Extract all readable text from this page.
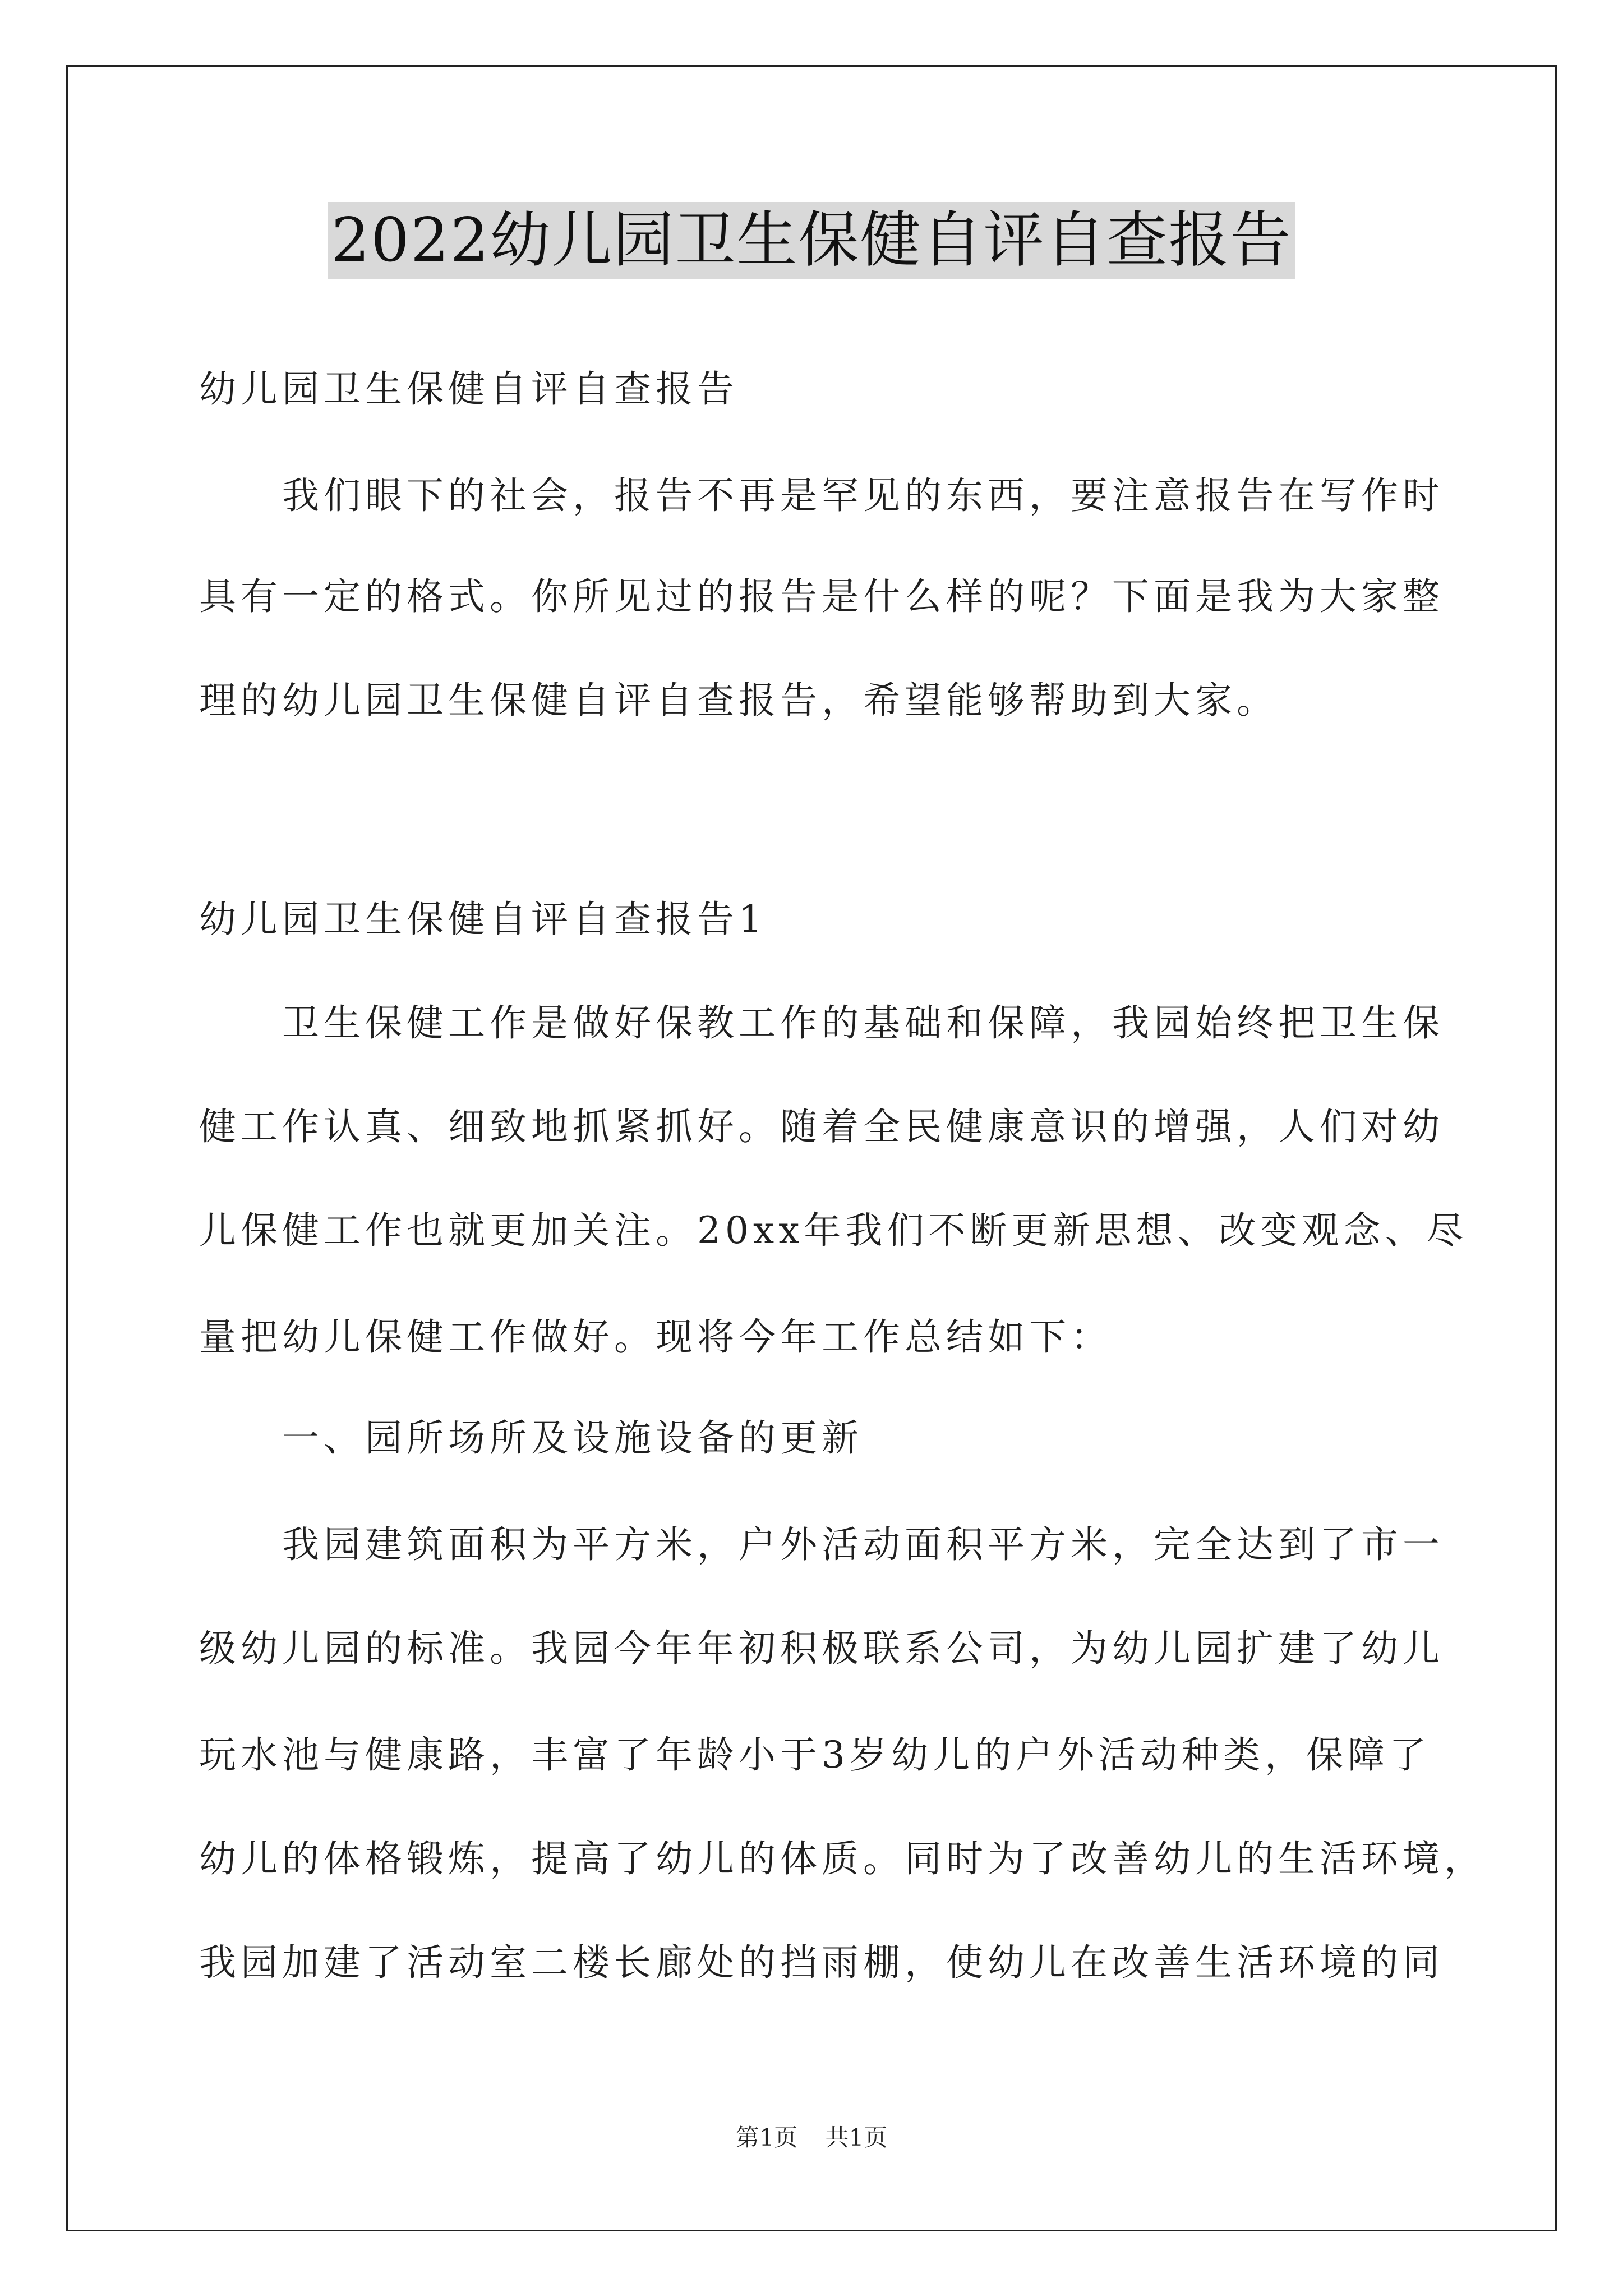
2022幼儿园卫生保健自评自查报告
幼儿园卫生保健自评自查报告
　　我们眼下的社会，报告不再是罕见的东西，要注意报告在写作时
具有一定的格式。你所见过的报告是什么样的呢？下面是我为大家整
理的幼儿园卫生保健自评自查报告，希望能够帮助到大家。
幼儿园卫生保健自评自查报告1
　　卫生保健工作是做好保教工作的基础和保障，我园始终把卫生保
健工作认真、细致地抓紧抓好。随着全民健康意识的增强，人们对幼
儿保健工作也就更加关注。20xx年我们不断更新思想、改变观念、尽
量把幼儿保健工作做好。现将今年工作总结如下：
　　一、园所场所及设施设备的更新
　　我园建筑面积为平方米，户外活动面积平方米，完全达到了市一
级幼儿园的标准。我园今年年初积极联系公司，为幼儿园扩建了幼儿
玩水池与健康路，丰富了年龄小于3岁幼儿的户外活动种类，保障了
幼儿的体格锻炼，提高了幼儿的体质。同时为了改善幼儿的生活环境，
我园加建了活动室二楼长廊处的挡雨棚，使幼儿在改善生活环境的同
第1页 共1页
